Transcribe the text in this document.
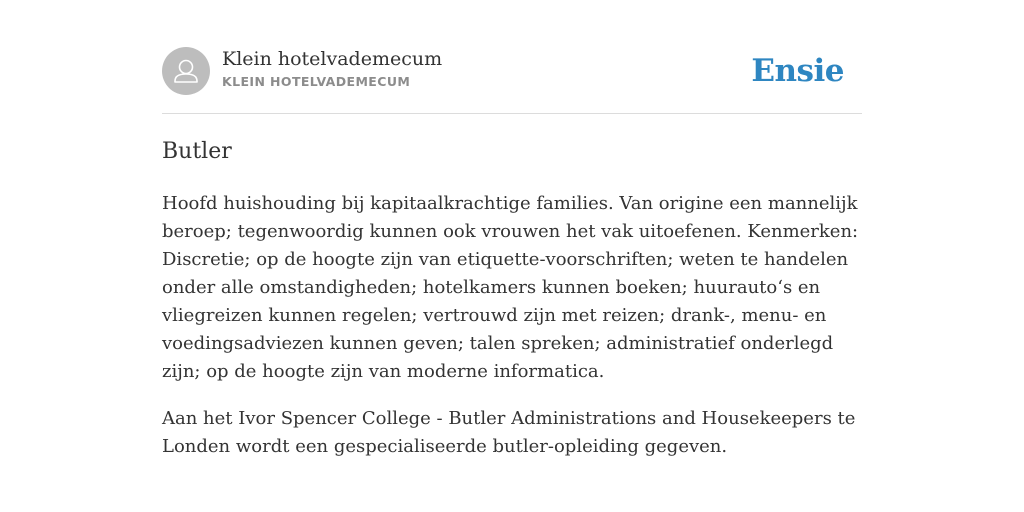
Klein hotelvademecum
KLEIN HOTELVADEMECUM	Ensie
Butler

Hoofd huishouding bij kapitaalkrachtige families. Van origine een mannelijk beroep; tegenwoordig kunnen ook vrouwen het vak uitoefenen. Kenmerken: Discretie; op de hoogte zijn van etiquette-voorschriften; weten te handelen onder alle omstandigheden; hotelkamers kunnen boeken; huurauto‘s en vliegreizen kunnen regelen; vertrouwd zijn met reizen; drank-, menu- en voedingsadviezen kunnen geven; talen spreken; administratief onderlegd zijn; op de hoogte zijn van moderne informatica.

Aan het Ivor Spencer College - Butler Administrations and Housekeepers te Londen wordt een gespecialiseerde butler-opleiding gegeven.
